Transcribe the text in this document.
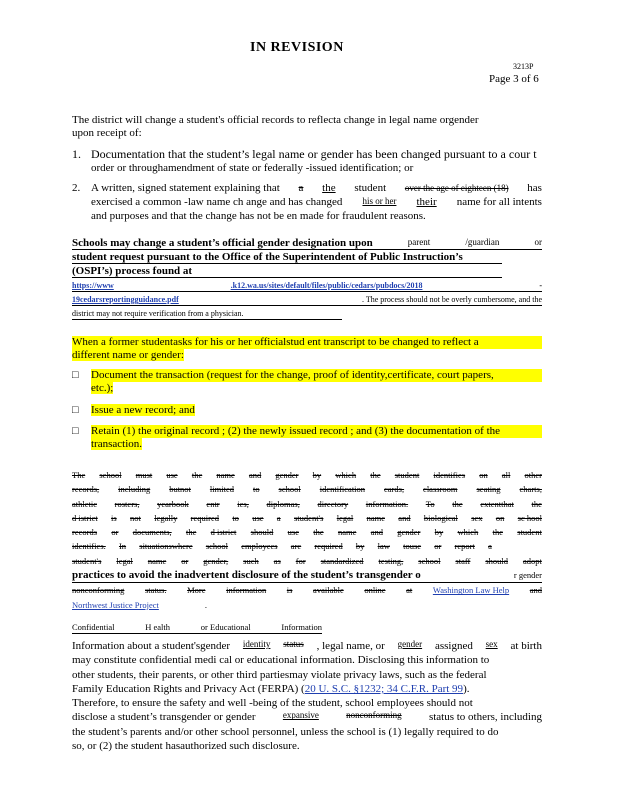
IN REVISION
3213P
Page 3 of 6
The district will change a student's official records to reflecta change in legal name orgender
upon receipt of:
1. Documentation that the student’s legal name or gender has been changed pursuant to a cour t
order or throughamendment of state or federally -issued identification; or
2. A written, signed statement explaining that a the student over the age of eighteen (18) has
exercised a common -law name ch ange and has changed his or her their name for all intents
and purposes and that the change has not be en made for fraudulent reasons.
Schools may change a student’s official gender designation upon	parent	/guardian	or
student request pursuant to the Office of the Superintendent of Public Instruction’s
(OSPI’s) process found at
https://www	.k12.wa.us/sites/default/files/public/cedars/pubdocs/2018	-
19cedarsreportingguidance.pdf	. The process should not be overly cumbersome, and the
district may not require verification from a physician.
When a former studentasks for his or her officialstud ent transcript to be changed to reflect a
different name or gender:
□ Document the transaction (request for the change, proof of identity,certificate, court papers,
etc.);
□ Issue a new record; and
□ Retain (1) the original record ; (2) the newly issued record ; and (3) the documentation of the
transaction.
The school must use the name and gender by which the student identifies on all other
records, including butnot limited to school identification cards, classroom seating charts,
athletic rosters, yearbook entr ies, diplomas, directory information. To the extentthat the
d istrict is not legally required to use a student's legal name and biological sex on sc hool
records or documents, the d istrict should use the name and gender by which the student
identifies. In situationswhere school employees are required by law touse or report a
student's legal name or gender, such as for standardized testing, school staff should adopt
practices to avoid the inadvertent disclosure of the student’s transgender o	r gender
nonconforming status. More information is available online at Washington Law Help and
Northwest Justice Project	.
Confidential	H ealth	or Educational	Information
Information about a student'sgender identity status , legal name, or gender assigned sex at birth
may constitute confidential medi cal or educational information. Disclosing this information to
other students, their parents, or other third partiesmay violate privacy laws, such as the federal
Family Education Rights and Privacy Act (FERPA) (20 U. S.C. §1232; 34 C.F.R. Part 99).
Therefore, to ensure the safety and well -being of the student, school employees should not
disclose a student’s transgender or gender	expansive	nonconforming status to others, including
the student’s parents and/or other school personnel, unless the school is (1) legally required to do
so, or (2) the student hasauthorized such disclosure.
